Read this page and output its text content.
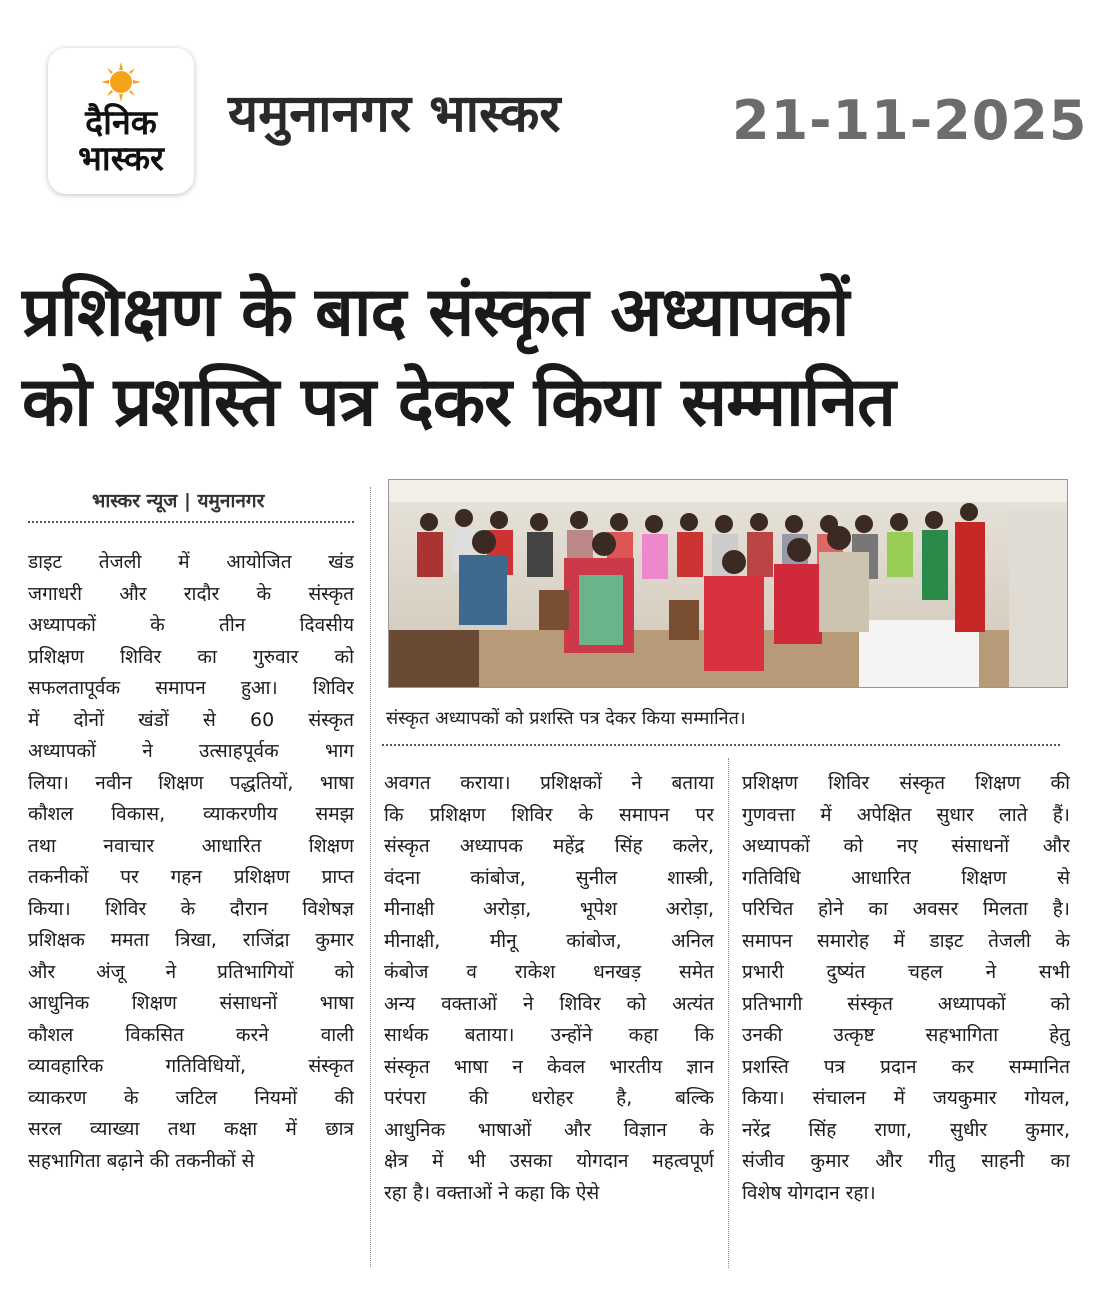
दैनिक
भास्कर
यमुनानगर भास्कर	21-11-2025
प्रशिक्षण के बाद संस्कृत अध्यापकों
को प्रशस्ति पत्र देकर किया सम्मानित
भास्कर न्यूज | यमुनानगर
संस्कृत अध्यापकों को प्रशस्ति पत्र देकर किया सम्मानित।
डाइट तेजली में आयोजित खंड
जगाधरी और रादौर के संस्कृत
अध्यापकों के तीन दिवसीय
प्रशिक्षण शिविर का गुरुवार को
सफलतापूर्वक समापन हुआ। शिविर
में दोनों खंडों से 60 संस्कृत
अध्यापकों ने उत्साहपूर्वक भाग
लिया। नवीन शिक्षण पद्धतियों, भाषा
कौशल विकास, व्याकरणीय समझ
तथा नवाचार आधारित शिक्षण
तकनीकों पर गहन प्रशिक्षण प्राप्त
किया। शिविर के दौरान विशेषज्ञ
प्रशिक्षक ममता त्रिखा, राजिंद्रा कुमार
और अंजू ने प्रतिभागियों को
आधुनिक शिक्षण संसाधनों भाषा
कौशल विकसित करने वाली
व्यावहारिक गतिविधियों, संस्कृत
व्याकरण के जटिल नियमों की
सरल व्याख्या तथा कक्षा में छात्र
सहभागिता बढ़ाने की तकनीकों से
अवगत कराया। प्रशिक्षकों ने बताया
कि प्रशिक्षण शिविर के समापन पर
संस्कृत अध्यापक महेंद्र सिंह कलेर,
वंदना कांबोज, सुनील शास्त्री,
मीनाक्षी अरोड़ा, भूपेश अरोड़ा,
मीनाक्षी, मीनू कांबोज, अनिल
कंबोज व राकेश धनखड़ समेत
अन्य वक्ताओं ने शिविर को अत्यंत
सार्थक बताया। उन्होंने कहा कि
संस्कृत भाषा न केवल भारतीय ज्ञान
परंपरा की धरोहर है, बल्कि
आधुनिक भाषाओं और विज्ञान के
क्षेत्र में भी उसका योगदान महत्वपूर्ण
रहा है। वक्ताओं ने कहा कि ऐसे
प्रशिक्षण शिविर संस्कृत शिक्षण की
गुणवत्ता में अपेक्षित सुधार लाते हैं।
अध्यापकों को नए संसाधनों और
गतिविधि आधारित शिक्षण से
परिचित होने का अवसर मिलता है।
समापन समारोह में डाइट तेजली के
प्रभारी दुष्यंत चहल ने सभी
प्रतिभागी संस्कृत अध्यापकों को
उनकी उत्कृष्ट सहभागिता हेतु
प्रशस्ति पत्र प्रदान कर सम्मानित
किया। संचालन में जयकुमार गोयल,
नरेंद्र सिंह राणा, सुधीर कुमार,
संजीव कुमार और गीतु साहनी का
विशेष योगदान रहा।
